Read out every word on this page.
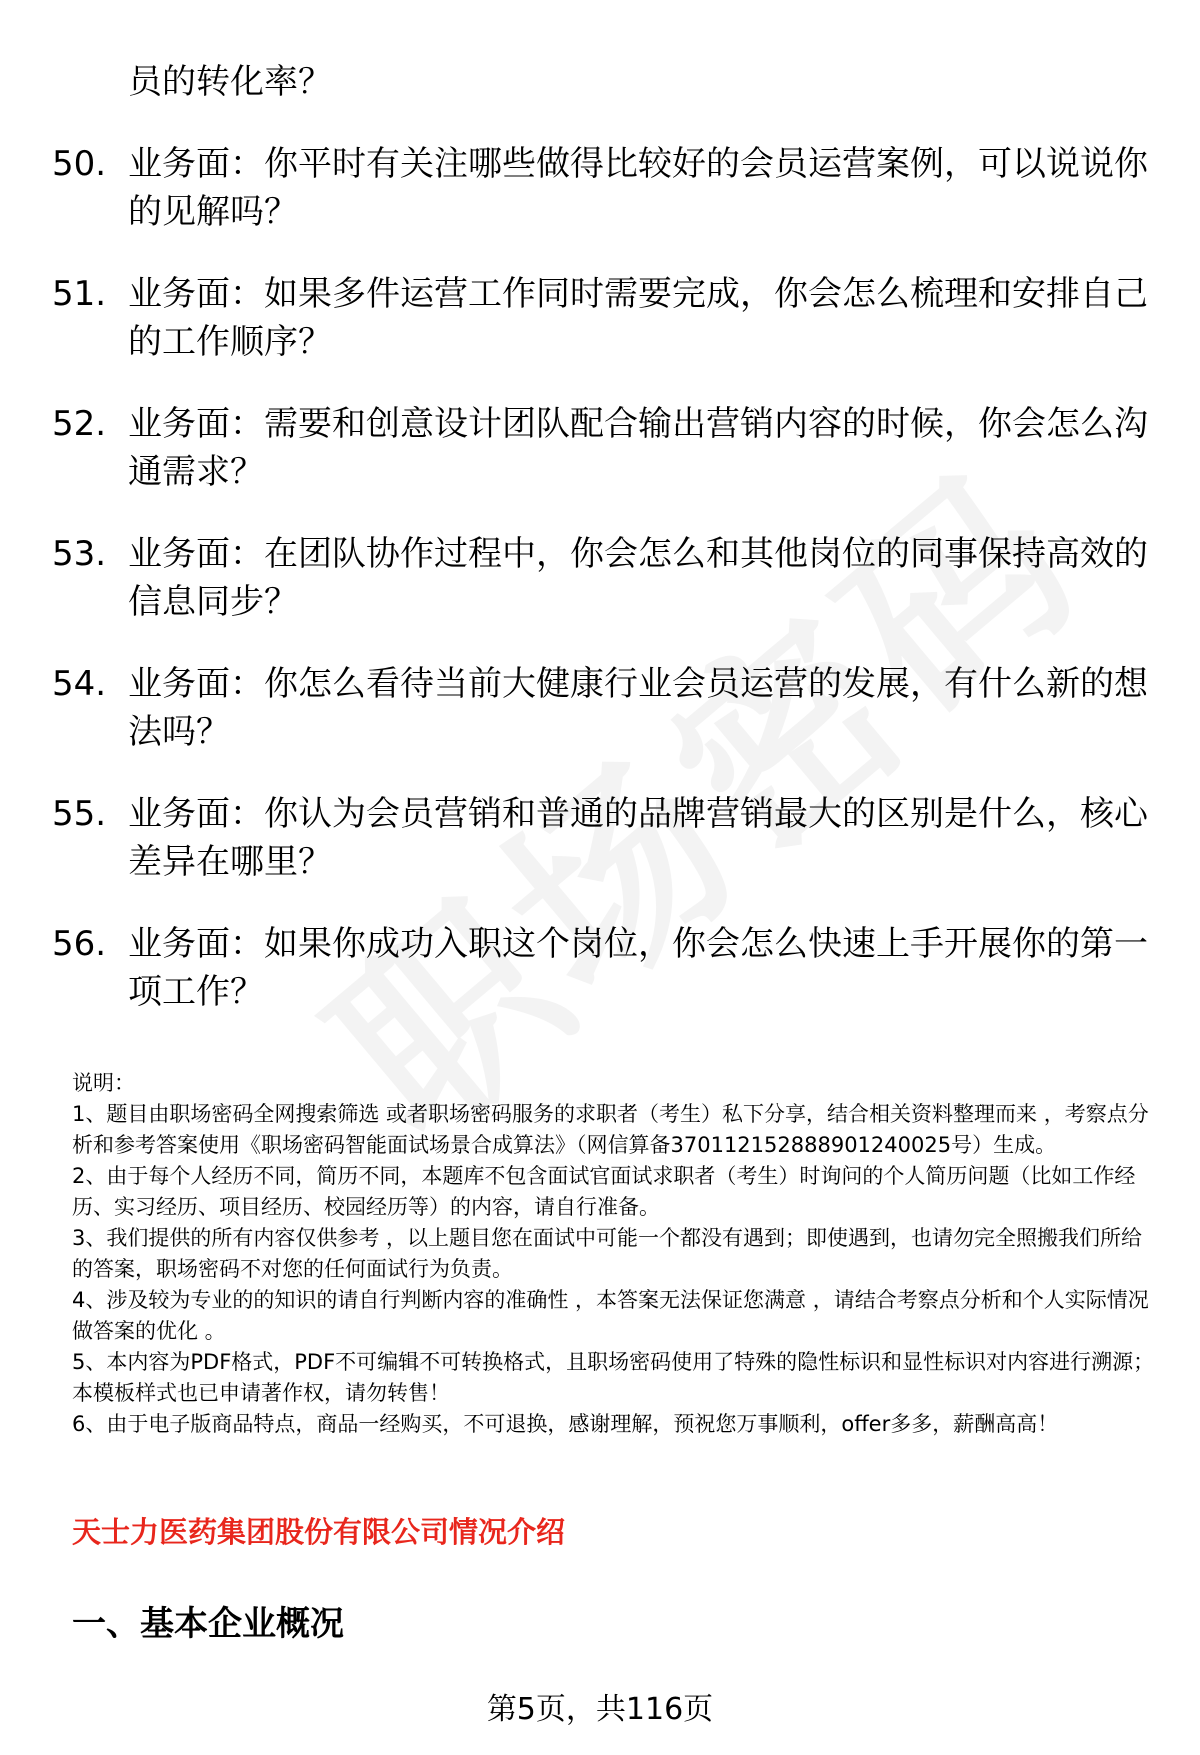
员的转化率？
50. 业务面：你平时有关注哪些做得比较好的会员运营案例，可以说说你的见解吗？
51. 业务面：如果多件运营工作同时需要完成，你会怎么梳理和安排自己的工作顺序？
52. 业务面：需要和创意设计团队配合输出营销内容的时候，你会怎么沟通需求？
53. 业务面：在团队协作过程中，你会怎么和其他岗位的同事保持高效的信息同步？
54. 业务面：你怎么看待当前大健康行业会员运营的发展，有什么新的想法吗？
55. 业务面：你认为会员营销和普通的品牌营销最大的区别是什么，核心差异在哪里？
56. 业务面：如果你成功入职这个岗位，你会怎么快速上手开展你的第一项工作？

说明：

1、题目由职场密码全网搜索筛选 或者职场密码服务的求职者（考生）私下分享，结合相关资料整理而来 ，考察点分析和参考答案使用《职场密码智能面试场景合成算法》（网信算备370112152888901240025号）生成。

2、由于每个人经历不同，简历不同，本题库不包含面试官面试求职者（考生）时询问的个人简历问题（比如工作经历、实习经历、项目经历、校园经历等）的内容，请自行准备。

3、我们提供的所有内容仅供参考 ，以上题目您在面试中可能一个都没有遇到；即使遇到，也请勿完全照搬我们所给的答案，职场密码不对您的任何面试行为负责。

4、涉及较为专业的的知识的请自行判断内容的准确性 ，本答案无法保证您满意 ，请结合考察点分析和个人实际情况做答案的优化 。

5、本内容为PDF格式，PDF不可编辑不可转换格式，且职场密码使用了特殊的隐性标识和显性标识对内容进行溯源；本模板样式也已申请著作权，请勿转售！

6、由于电子版商品特点，商品一经购买，不可退换，感谢理解，预祝您万事顺利，offer多多，薪酬高高！

天士力医药集团股份有限公司情况介绍
一、基本企业概况
第5页，共116页
